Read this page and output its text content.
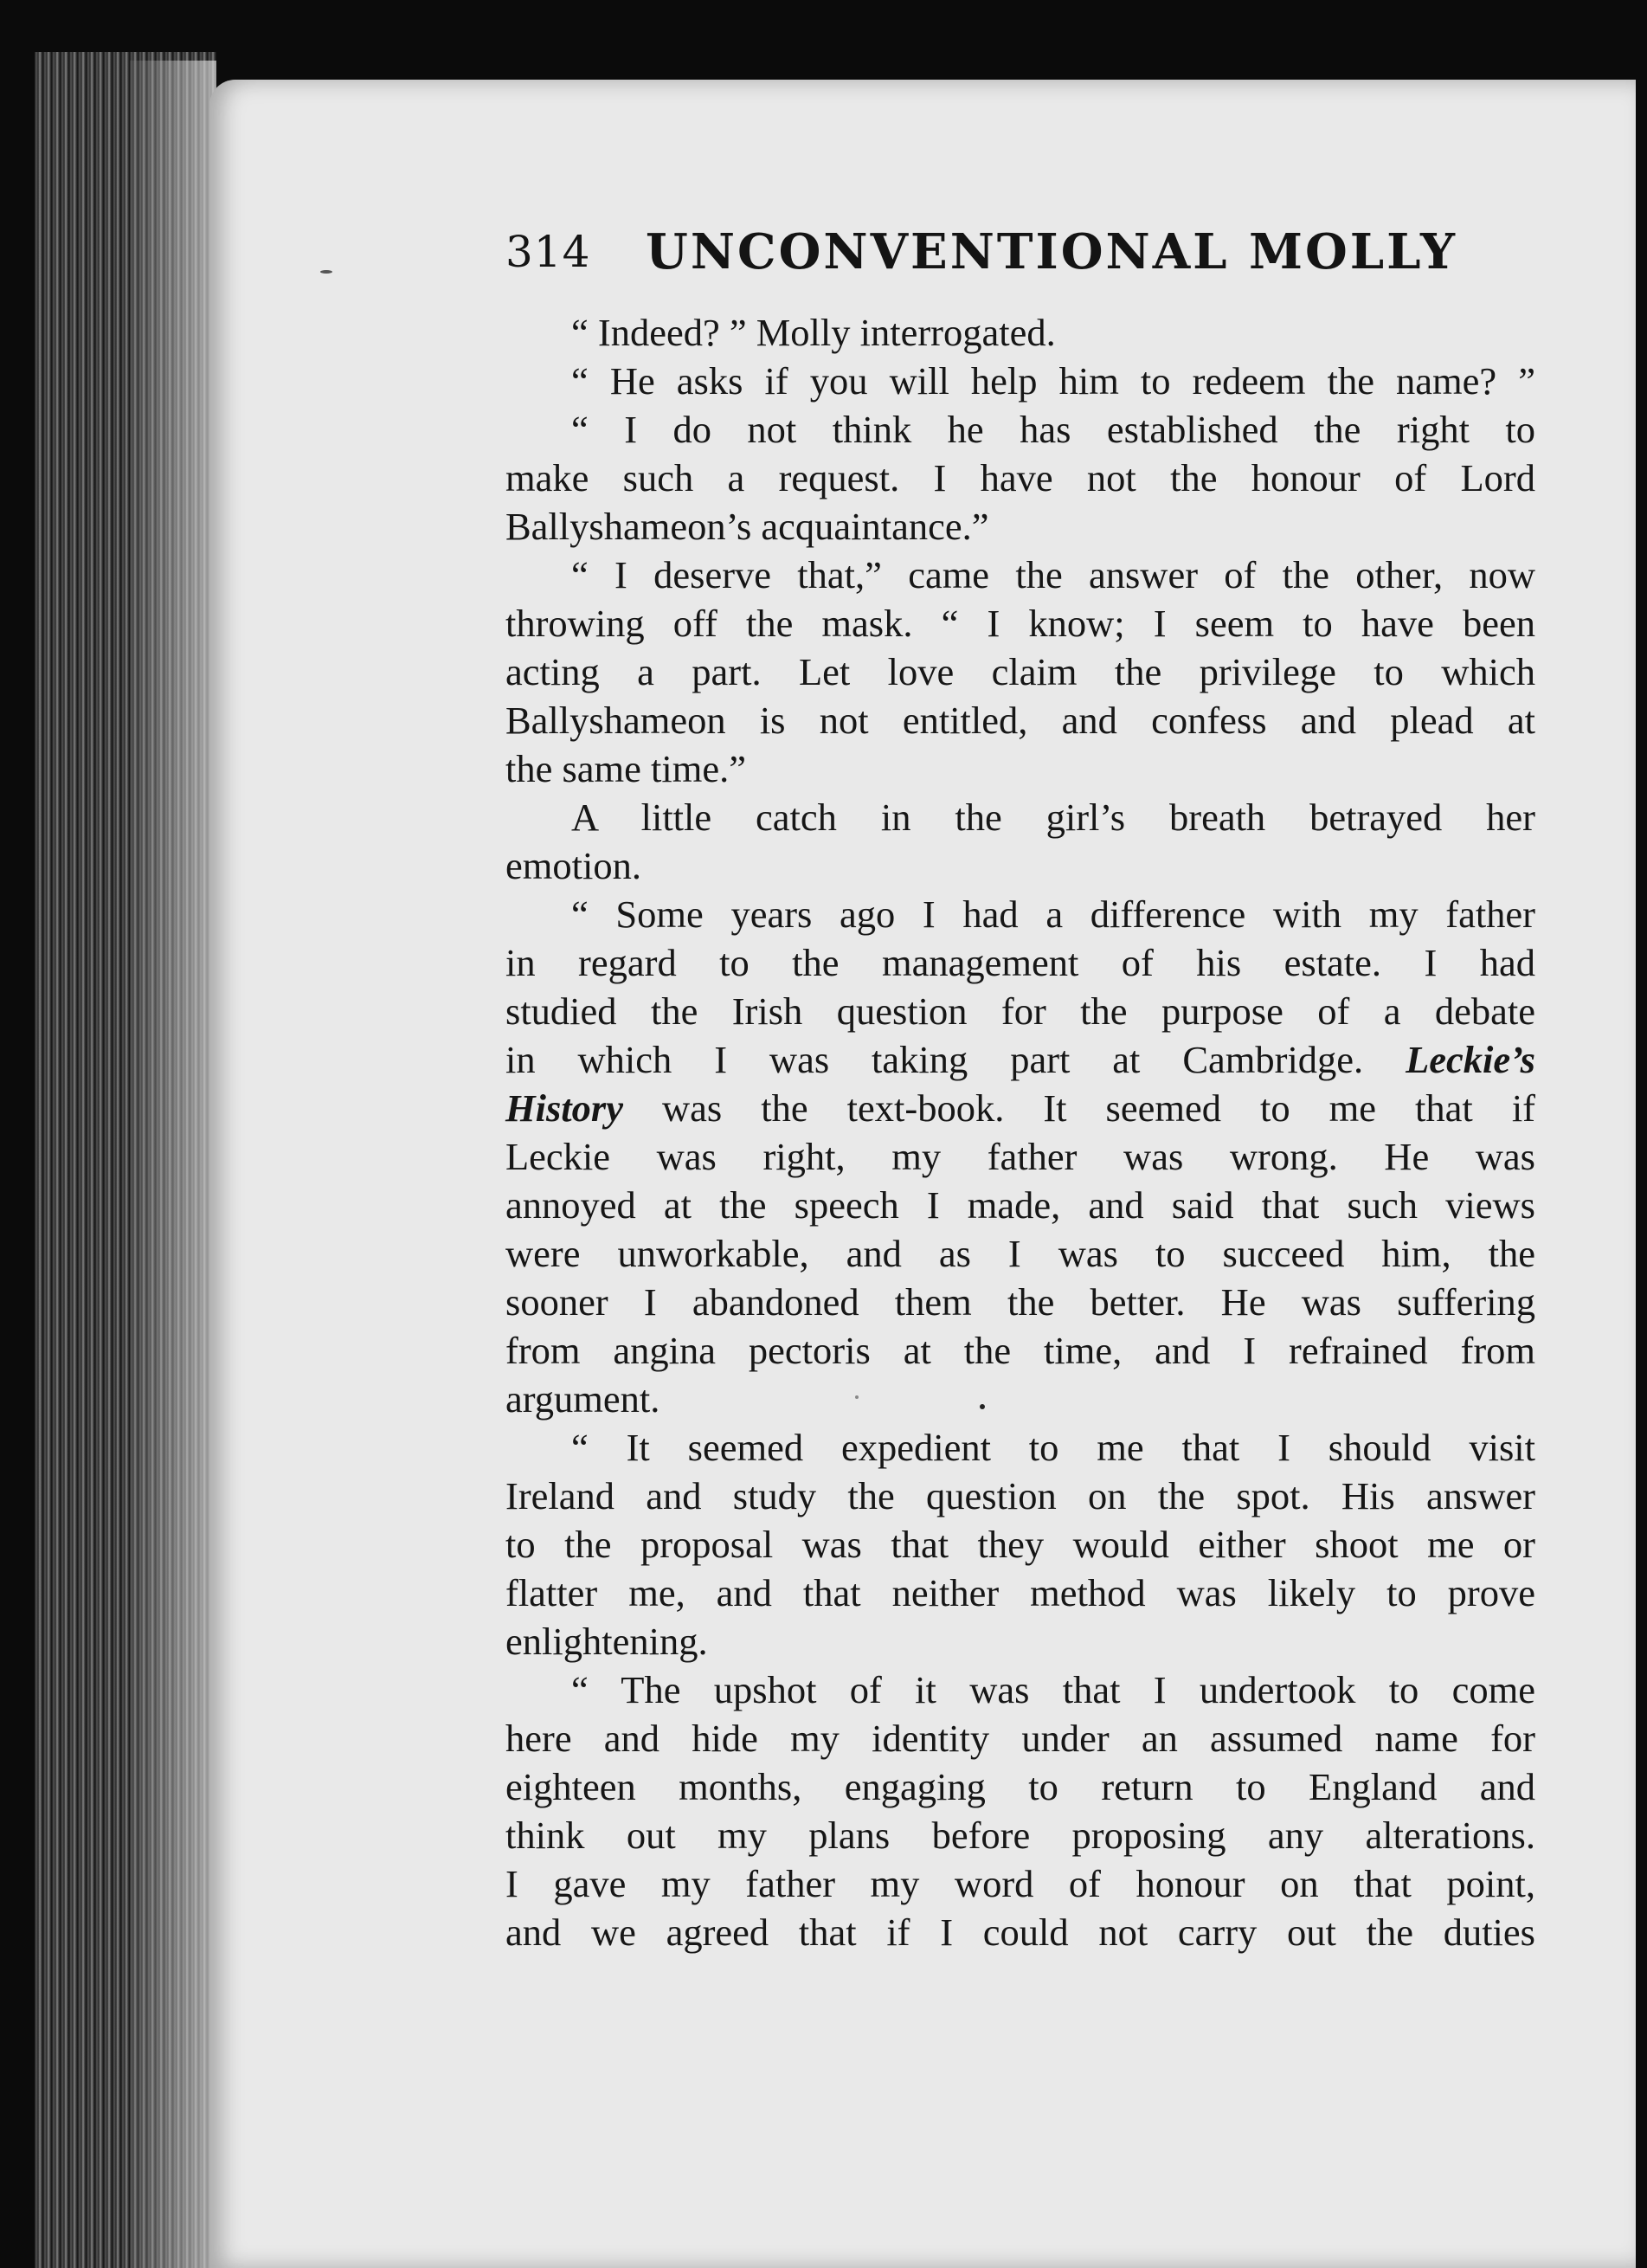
314 UNCONVENTIONAL MOLLY
“ Indeed? ” Molly interrogated.
“ He asks if you will help him to redeem the name? ”
“ I do not think he has established the right to
make such a request. I have not the honour of Lord
Ballyshameon’s acquaintance.”
“ I deserve that,” came the answer of the other, now
throwing off the mask. “ I know; I seem to have been
acting a part. Let love claim the privilege to which
Ballyshameon is not entitled, and confess and plead at
the same time.”
A little catch in the girl’s breath betrayed her
emotion.
“ Some years ago I had a difference with my father
in regard to the management of his estate. I had
studied the Irish question for the purpose of a debate
in which I was taking part at Cambridge. Leckie’s
History was the text-book. It seemed to me that if
Leckie was right, my father was wrong. He was
annoyed at the speech I made, and said that such views
were unworkable, and as I was to succeed him, the
sooner I abandoned them the better. He was suffering
from angina pectoris at the time, and I refrained from
argument.
“ It seemed expedient to me that I should visit
Ireland and study the question on the spot. His answer
to the proposal was that they would either shoot me or
flatter me, and that neither method was likely to prove
enlightening.
“ The upshot of it was that I undertook to come
here and hide my identity under an assumed name for
eighteen months, engaging to return to England and
think out my plans before proposing any alterations.
I gave my father my word of honour on that point,
and we agreed that if I could not carry out the duties
